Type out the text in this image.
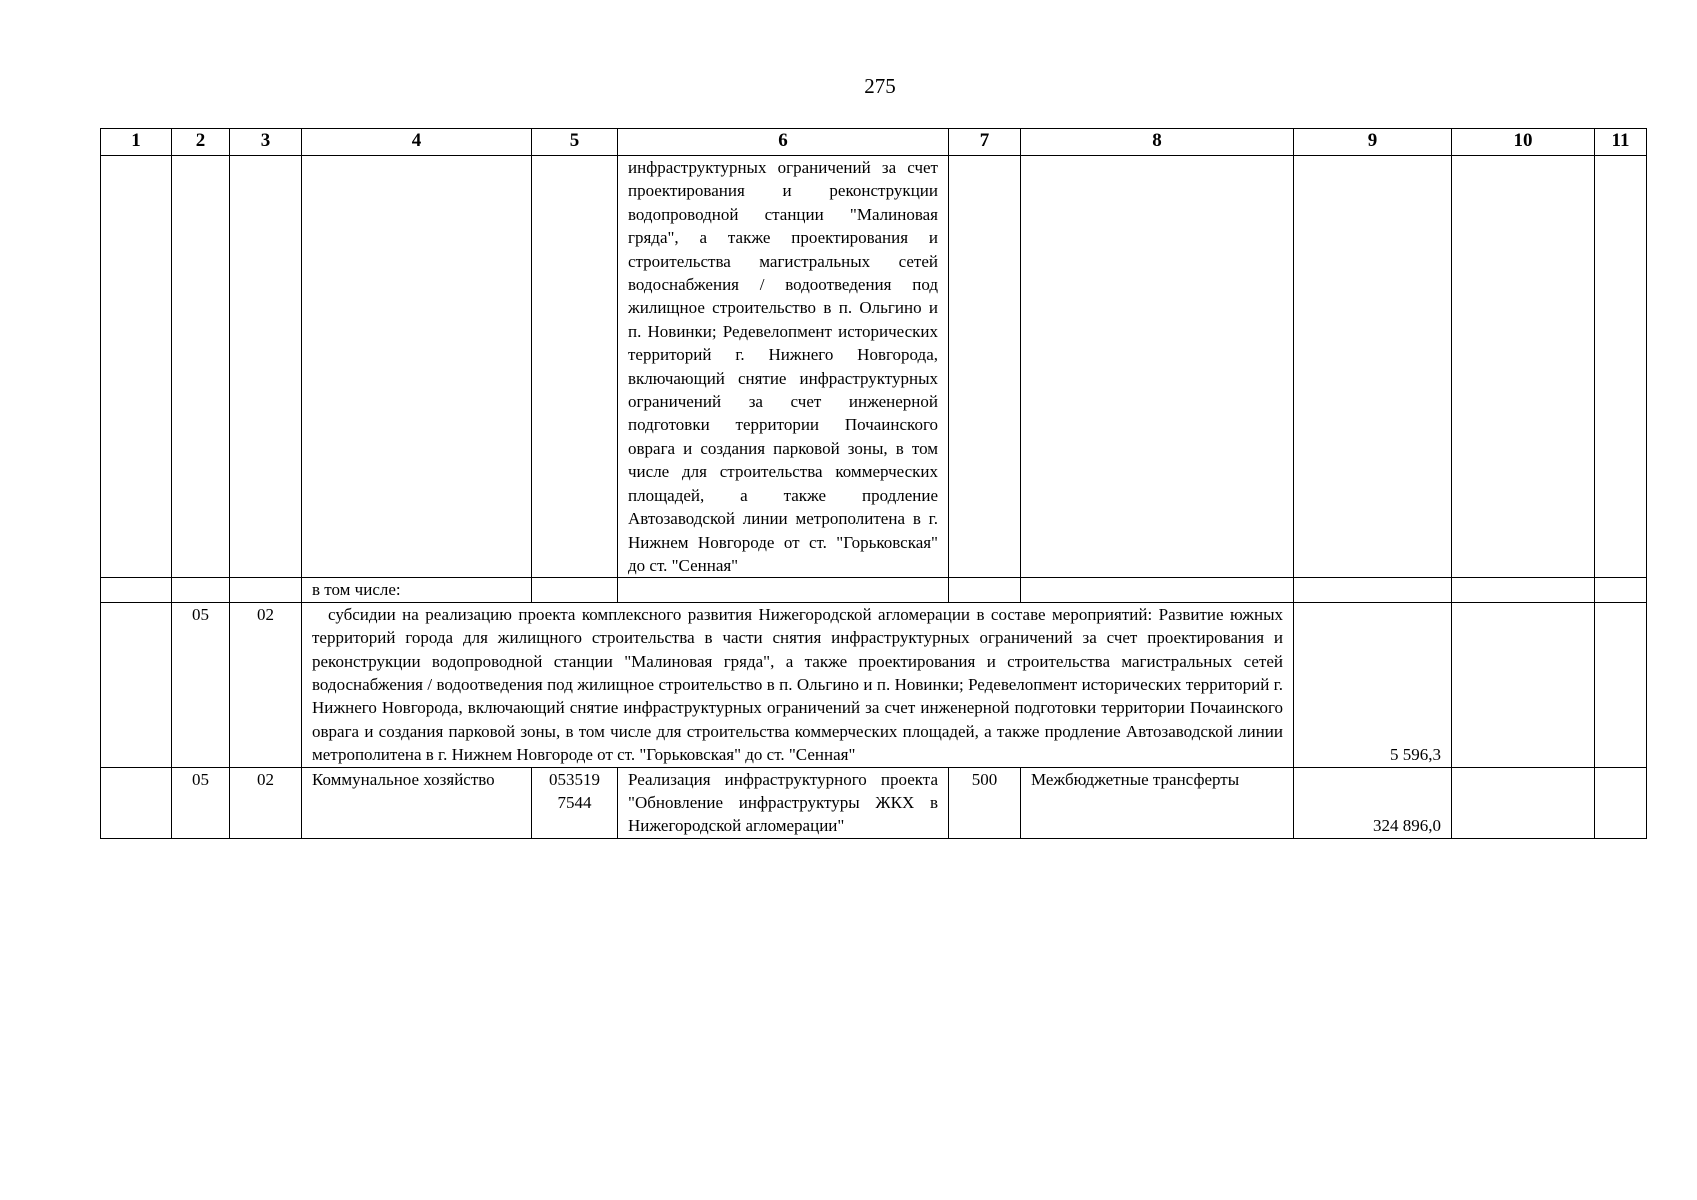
275
1	2	3	4	5	6	7	8	9	10	11
					инфраструктурных ограничений за счет проектирования и реконструкции водопроводной станции "Малиновая гряда", а также проектирования и строительства магистральных сетей водоснабжения / водоотведения под жилищное строительство в п. Ольгино и п. Новинки; Редевелопмент исторических территорий г. Нижнего Новгорода, включающий снятие инфраструктурных ограничений за счет инженерной подготовки территории Почаинского оврага и создания парковой зоны, в том числе для строительства коммерческих площадей, а также продление Автозаводской линии метрополитена в г. Нижнем Новгороде от ст. "Горьковская" до ст. "Сенная"					
			в том числе:							
	05	02	субсидии на реализацию проекта комплексного развития Нижегородской агломерации в составе мероприятий: Развитие южных территорий города для жилищного строительства в части снятия инфраструктурных ограничений за счет проектирования и реконструкции водопроводной станции "Малиновая гряда", а также проектирования и строительства магистральных сетей водоснабжения / водоотведения под жилищное строительство в п. Ольгино и п. Новинки; Редевелопмент исторических территорий г. Нижнего Новгорода, включающий снятие инфраструктурных ограничений за счет инженерной подготовки территории Почаинского оврага и создания парковой зоны, в том числе для строительства коммерческих площадей, а также продление Автозаводской линии метрополитена в г. Нижнем Новгороде от ст. "Горьковская" до ст. "Сенная"					5 596,3		
	05	02	Коммунальное хозяйство	053519 7544	Реализация инфраструктурного проекта "Обновление инфраструктуры ЖКХ в Нижегородской агломерации"	500	Межбюджетные трансферты	324 896,0		
